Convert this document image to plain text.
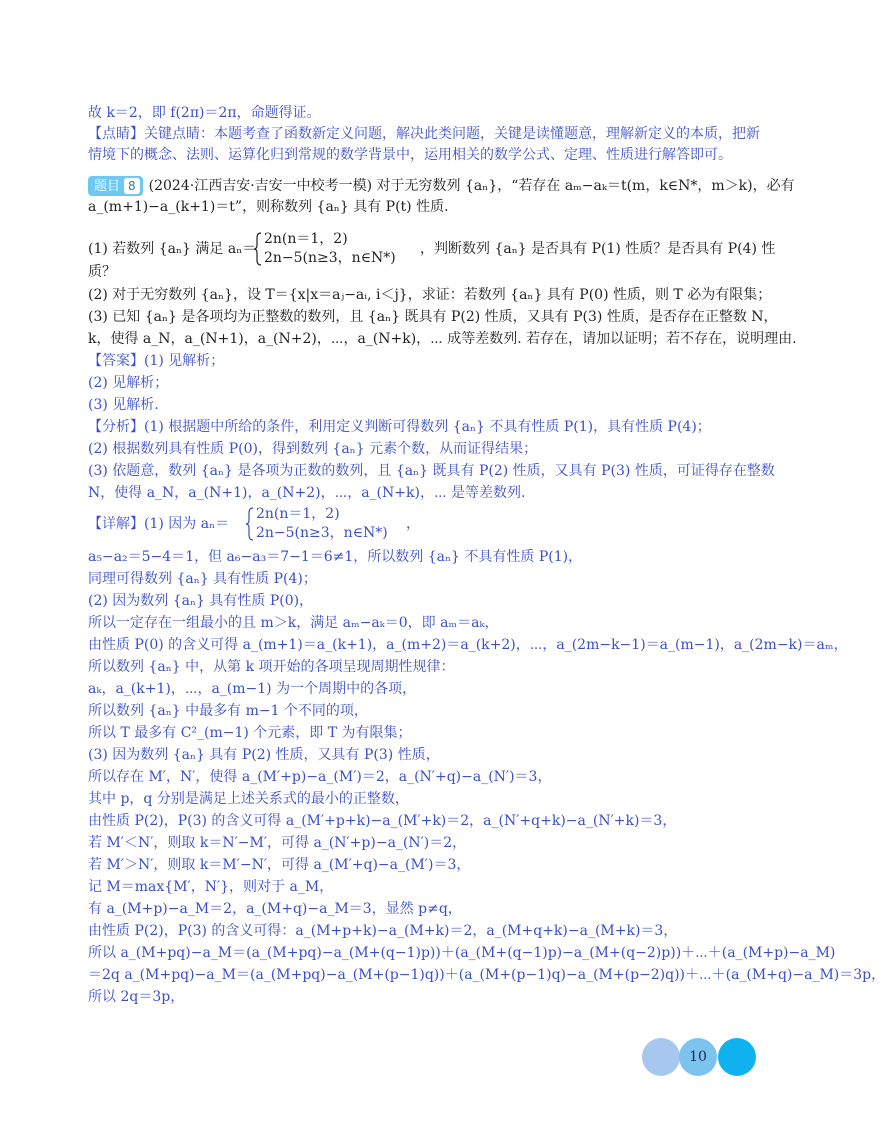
故 k＝2，即 f(2π)＝2π，命题得证。
【点睛】关键点睛：本题考查了函数新定义问题，解决此类问题，关键是读懂题意，理解新定义的本质，把新
情境下的概念、法则、运算化归到常规的数学背景中，运用相关的数学公式、定理、性质进行解答即可。
a_(m+1)−a_(k+1)＝t”，则称数列 {aₙ} 具有 P(t) 性质.
质？
(2) 对于无穷数列 {aₙ}，设 T＝{x|x＝aⱼ−aᵢ, i＜j}，求证：若数列 {aₙ} 具有 P(0) 性质，则 T 必为有限集；
(3) 已知 {aₙ} 是各项均为正整数的数列，且 {aₙ} 既具有 P(2) 性质，又具有 P(3) 性质，是否存在正整数 N，
k，使得 a_N，a_(N+1)，a_(N+2)，⋯，a_(N+k)，⋯ 成等差数列. 若存在，请加以证明；若不存在，说明理由.
【答案】(1) 见解析；
(2) 见解析；
(3) 见解析.
【分析】(1) 根据题中所给的条件，利用定义判断可得数列 {aₙ} 不具有性质 P(1)，具有性质 P(4)；
(2) 根据数列具有性质 P(0)，得到数列 {aₙ} 元素个数，从而证得结果；
(3) 依题意，数列 {aₙ} 是各项为正数的数列，且 {aₙ} 既具有 P(2) 性质，又具有 P(3) 性质，可证得存在整数
N，使得 a_N，a_(N+1)，a_(N+2)，⋯，a_(N+k)，⋯ 是等差数列.
a₅−a₂＝5−4＝1，但 a₆−a₃＝7−1＝6≠1，所以数列 {aₙ} 不具有性质 P(1)，
同理可得数列 {aₙ} 具有性质 P(4)；
(2) 因为数列 {aₙ} 具有性质 P(0)，
所以一定存在一组最小的且 m＞k，满足 aₘ−aₖ＝0，即 aₘ＝aₖ，
由性质 P(0) 的含义可得 a_(m+1)＝a_(k+1)，a_(m+2)＝a_(k+2)，⋯，a_(2m−k−1)＝a_(m−1)，a_(2m−k)＝aₘ，
所以数列 {aₙ} 中，从第 k 项开始的各项呈现周期性规律：
aₖ，a_(k+1)，⋯，a_(m−1) 为一个周期中的各项，
所以数列 {aₙ} 中最多有 m−1 个不同的项，
所以 T 最多有 C²_(m−1) 个元素，即 T 为有限集；
(3) 因为数列 {aₙ} 具有 P(2) 性质，又具有 P(3) 性质，
所以存在 M′，N′，使得 a_(M′+p)−a_(M′)＝2，a_(N′+q)−a_(N′)＝3，
其中 p，q 分别是满足上述关系式的最小的正整数，
由性质 P(2)，P(3) 的含义可得 a_(M′+p+k)−a_(M′+k)＝2，a_(N′+q+k)−a_(N′+k)＝3，
若 M′＜N′，则取 k＝N′−M′，可得 a_(N′+p)−a_(N′)＝2，
若 M′＞N′，则取 k＝M′−N′，可得 a_(M′+q)−a_(M′)＝3，
记 M＝max{M′，N′}，则对于 a_M，
有 a_(M+p)−a_M＝2，a_(M+q)−a_M＝3，显然 p≠q，
由性质 P(2)，P(3) 的含义可得：a_(M+p+k)−a_(M+k)＝2，a_(M+q+k)−a_(M+k)＝3，
所以 a_(M+pq)−a_M＝(a_(M+pq)−a_(M+(q−1)p))＋(a_(M+(q−1)p)−a_(M+(q−2)p))＋⋯＋(a_(M+p)−a_M)
＝2q a_(M+pq)−a_M＝(a_(M+pq)−a_(M+(p−1)q))＋(a_(M+(p−1)q)−a_(M+(p−2)q))＋⋯＋(a_(M+q)−a_M)＝3p，
所以 2q＝3p，
题目 8 (2024·江西吉安·吉安一中校考一模) 对于无穷数列 {aₙ}，“若存在 aₘ−aₖ＝t(m，k∈N*，m＞k)，必有
(1) 若数列 {aₙ} 满足 aₙ＝
2n(n＝1，2)
2n−5(n≥3，n∈N*)
，判断数列 {aₙ} 是否具有 P(1) 性质？是否具有 P(4) 性
【详解】(1) 因为 aₙ＝
2n(n＝1，2)
2n−5(n≥3，n∈N*)
，
10
